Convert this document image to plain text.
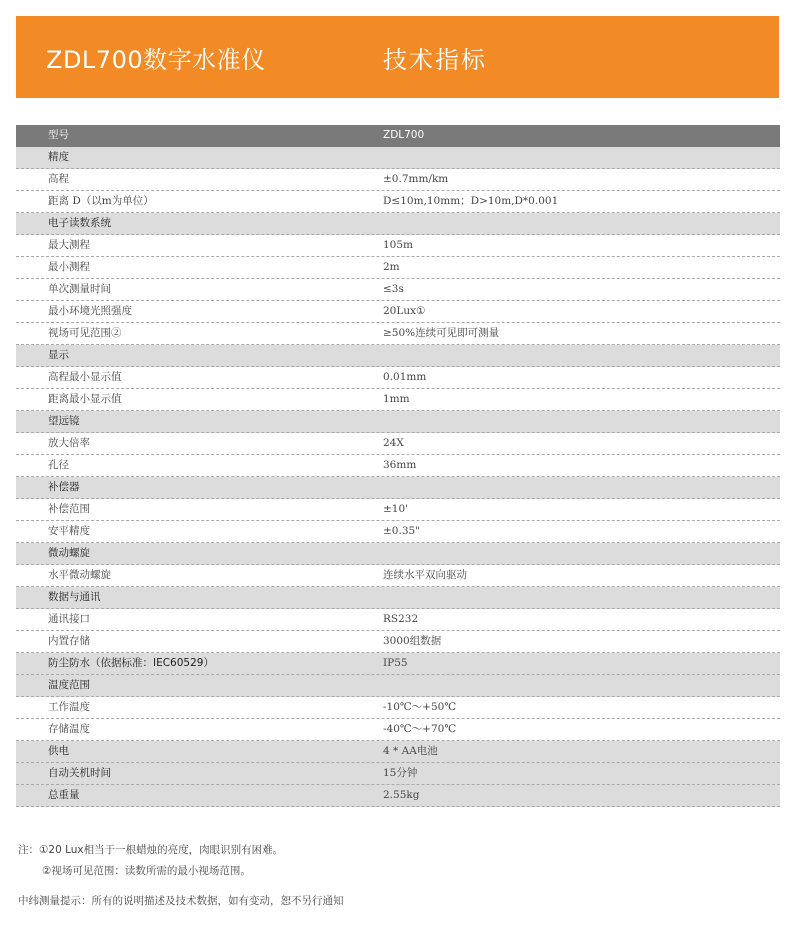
ZDL700数字水准仪	技术指标
型号	ZDL700
精度
高程	±0.7mm/km
距离 D（以m为单位）	D≤10m,10mm；D>10m,D*0.001
电子读数系统
最大测程	105m
最小测程	2m
单次测量时间	≤3s
最小环境光照强度	20Lux①
视场可见范围②	≥50%连续可见即可测量
显示
高程最小显示值	0.01mm
距离最小显示值	1mm
望远镜
放大倍率	24X
孔径	36mm
补偿器
补偿范围	±10'
安平精度	±0.35"
微动螺旋
水平微动螺旋	连续水平双向驱动
数据与通讯
通讯接口	RS232
内置存储	3000组数据
防尘防水（依据标准：IEC60529）	IP55
温度范围
工作温度	-10℃～+50℃
存储温度	-40℃～+70℃
供电	4 * AA电池
自动关机时间	15分钟
总重量	2.55kg
注：①20 Lux相当于一根蜡烛的亮度，肉眼识别有困难。
②视场可见范围：读数所需的最小视场范围。
中纬测量提示：所有的说明描述及技术数据，如有变动，恕不另行通知
